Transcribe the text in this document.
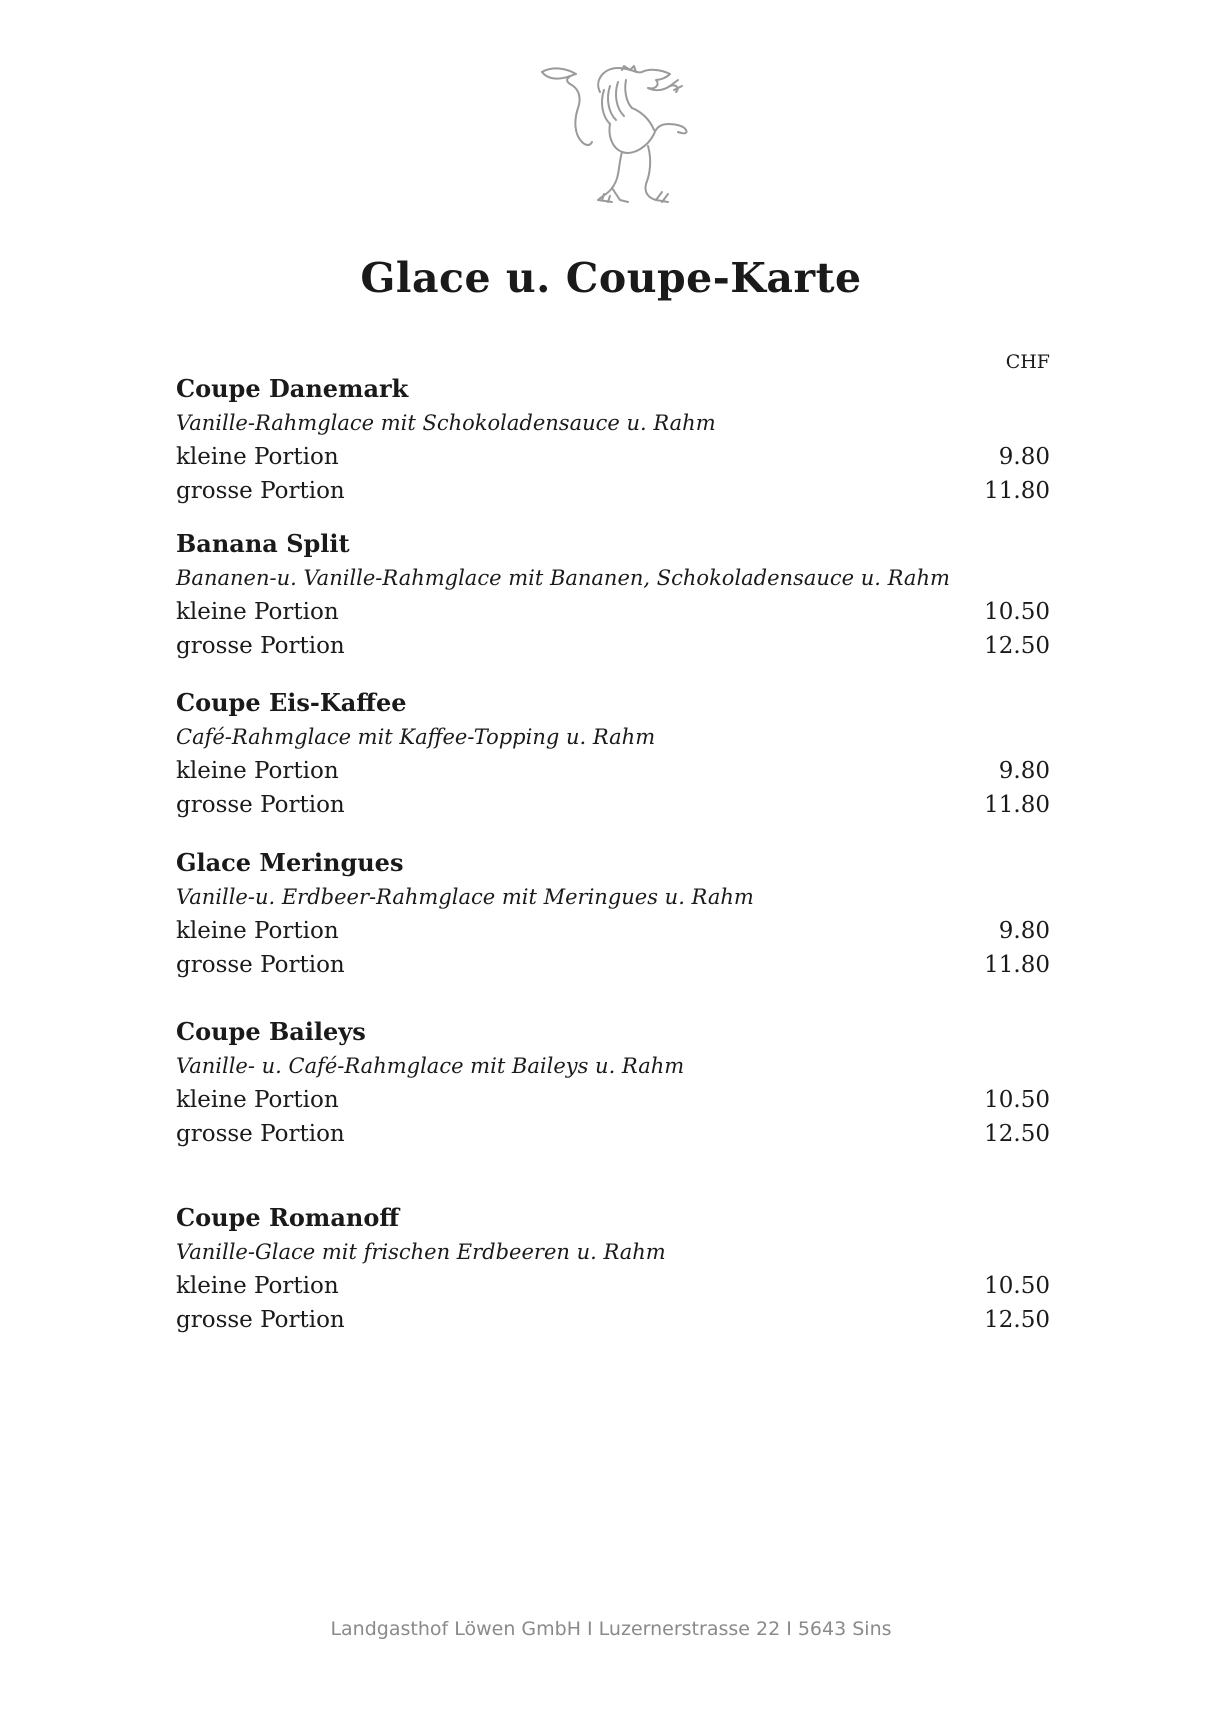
Glace u. Coupe-Karte
CHF
Coupe Danemark
Vanille-Rahmglace mit Schokoladensauce u. Rahm
kleine Portion	9.80
grosse Portion	11.80
Banana Split
Bananen-u. Vanille-Rahmglace mit Bananen, Schokoladensauce u. Rahm
kleine Portion	10.50
grosse Portion	12.50
Coupe Eis-Kaffee
Café-Rahmglace mit Kaffee-Topping u. Rahm
kleine Portion	9.80
grosse Portion	11.80
Glace Meringues
Vanille-u. Erdbeer-Rahmglace mit Meringues u. Rahm
kleine Portion	9.80
grosse Portion	11.80
Coupe Baileys
Vanille- u. Café-Rahmglace mit Baileys u. Rahm
kleine Portion	10.50
grosse Portion	12.50
Coupe Romanoff
Vanille-Glace mit frischen Erdbeeren u. Rahm
kleine Portion	10.50
grosse Portion	12.50
Landgasthof Löwen GmbH I Luzernerstrasse 22 I 5643 Sins
